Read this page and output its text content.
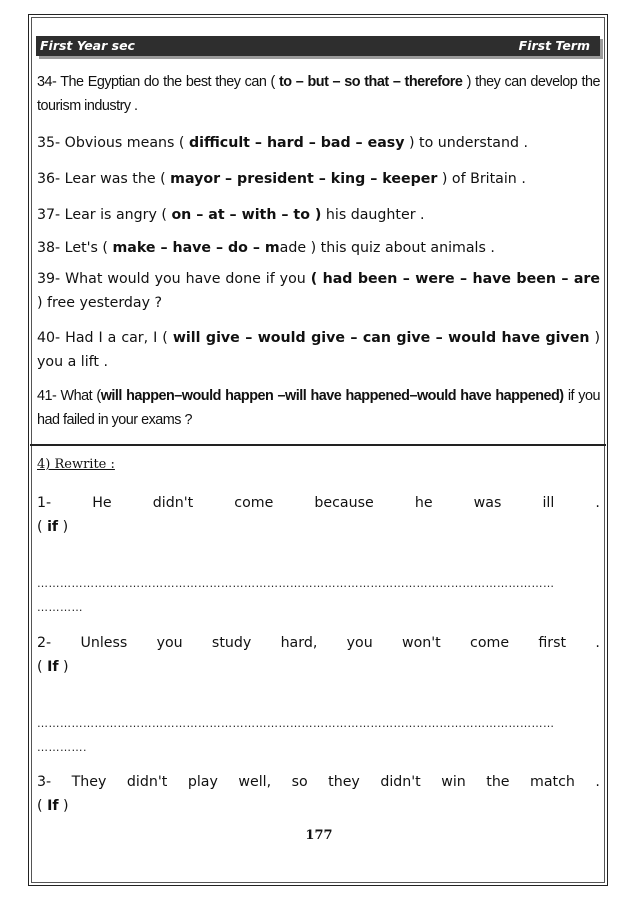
First Year sec	First Term

34- The Egyptian do the best they can ( to – but – so that – therefore ) they can develop the tourism industry .

35- Obvious means ( difficult – hard – bad – easy ) to understand .

36- Lear was the ( mayor – president – king – keeper ) of Britain .

37- Lear is angry ( on – at – with – to ) his daughter .

38- Let's ( make – have – do – made ) this quiz about animals .

39- What would you have done if you ( had been – were – have been – are ) free yesterday ?

40- Had I a car, I ( will give – would give – can give – would have given ) you a lift .

41- What (will happen–would happen –will have happened–would have happened) if you had failed in your exams ?

4) Rewrite :
1-	He	didn't	come	because	he	was	ill	.
( if )
………………………………………………………………………………………………………………………
…………
2- Unless you study hard, you won't come first .
( If )
………………………………………………………………………………………………………………………
………….
3- They didn't play well, so they didn't win the match .
( If )
177
